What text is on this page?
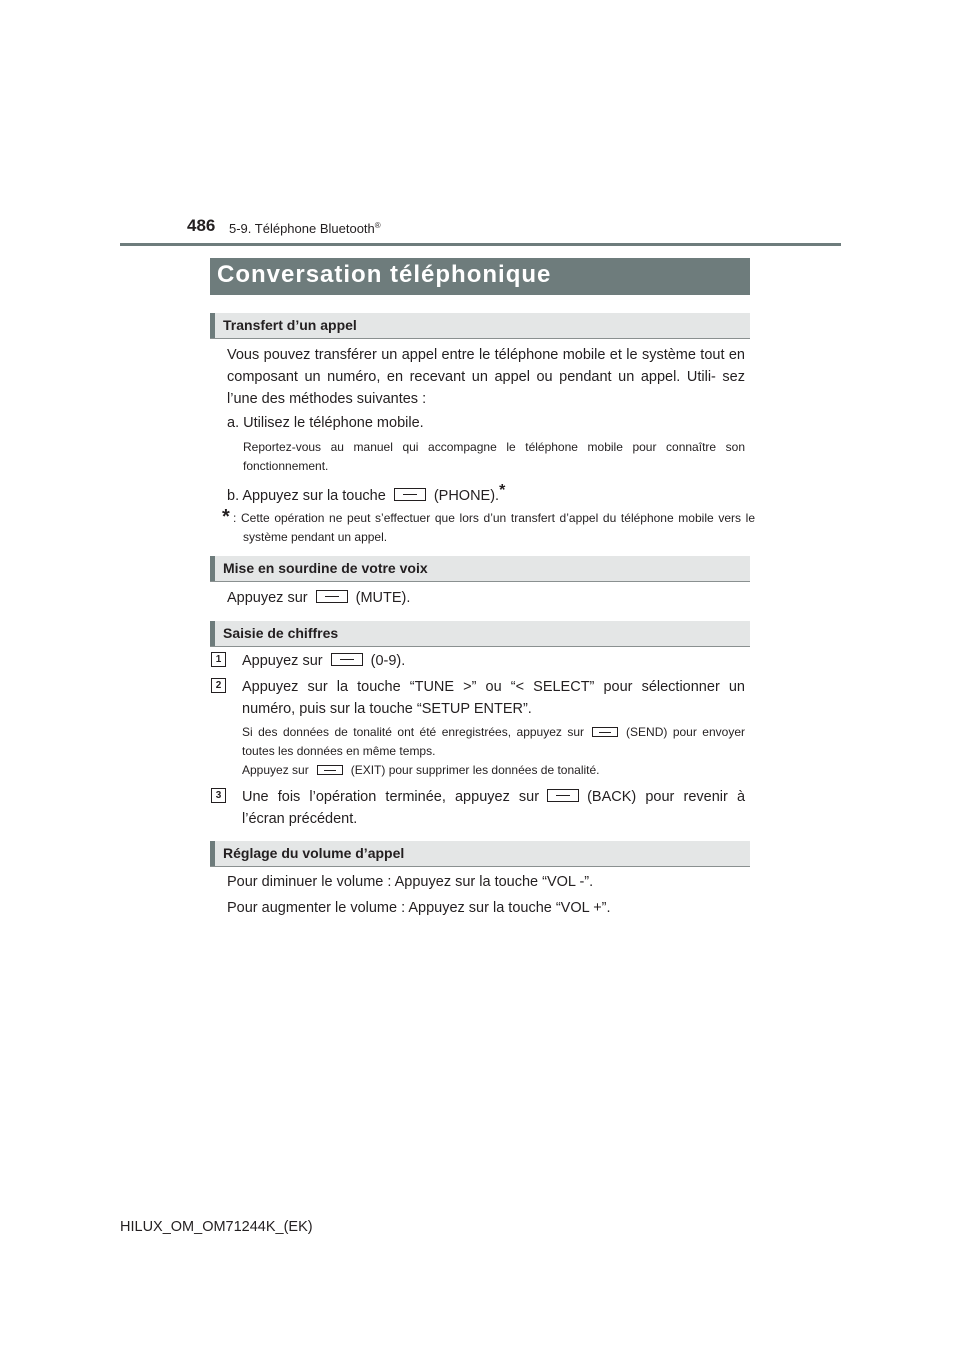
486 5-9. Téléphone Bluetooth®
Conversation téléphonique
Transfert d’un appel
Vous pouvez transférer un appel entre le téléphone mobile et le système tout en composant un numéro, en recevant un appel ou pendant un appel. Utili- sez l’une des méthodes suivantes :
a. Utilisez le téléphone mobile.
Reportez-vous au manuel qui accompagne le téléphone mobile pour connaître son fonctionnement.
b. Appuyez sur la touche	(PHONE).*
* : Cette opération ne peut s’effectuer que lors d’un transfert d’appel du téléphone mobile vers le système pendant un appel.
Mise en sourdine de votre voix
Appuyez sur	(MUTE).
Saisie de chiffres
1	Appuyez sur	(0-9).
2	Appuyez sur la touche “TUNE >” ou “< SELECT” pour sélectionner un numéro, puis sur la touche “SETUP ENTER”.
Si des données de tonalité ont été enregistrées, appuyez sur	(SEND) pour envoyer toutes les données en même temps.
Appuyez sur	(EXIT) pour supprimer les données de tonalité.
3	Une fois l’opération terminée, appuyez sur	(BACK) pour revenir à l’écran précédent.
Réglage du volume d’appel
Pour diminuer le volume : Appuyez sur la touche “VOL -”.
Pour augmenter le volume : Appuyez sur la touche “VOL +”.
HILUX_OM_OM71244K_(EK)
